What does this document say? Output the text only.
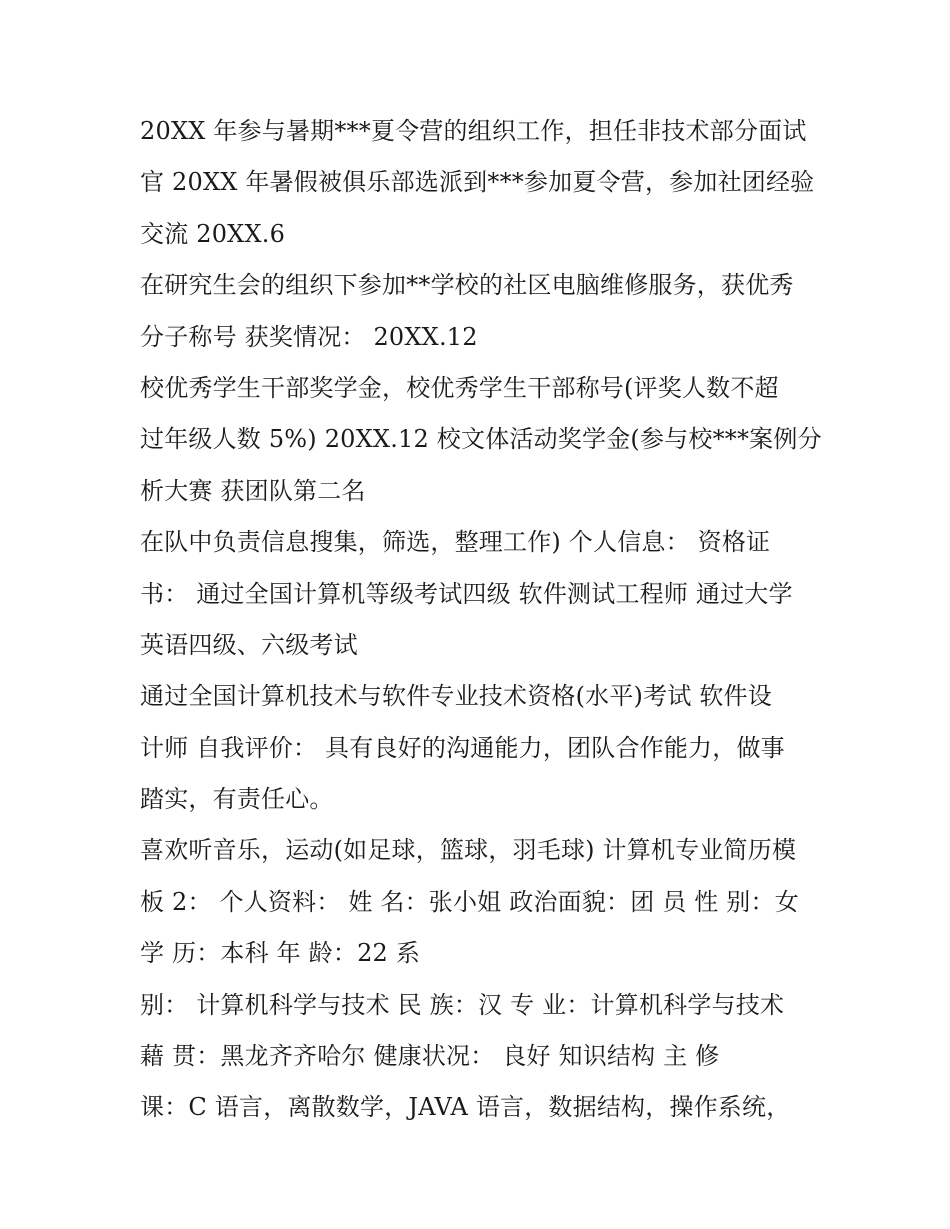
20XX 年参与暑期***夏令营的组织工作，担任非技术部分面试
官 20XX 年暑假被俱乐部选派到***参加夏令营，参加社团经验
交流 20XX.6
在研究生会的组织下参加**学校的社区电脑维修服务，获优秀
分子称号 获奖情况： 20XX.12
校优秀学生干部奖学金，校优秀学生干部称号(评奖人数不超
过年级人数 5%) 20XX.12 校文体活动奖学金(参与校***案例分
析大赛 获团队第二名
在队中负责信息搜集，筛选，整理工作) 个人信息： 资格证
书： 通过全国计算机等级考试四级 软件测试工程师 通过大学
英语四级、六级考试
通过全国计算机技术与软件专业技术资格(水平)考试 软件设
计师 自我评价： 具有良好的沟通能力，团队合作能力，做事
踏实，有责任心。
喜欢听音乐，运动(如足球，篮球，羽毛球) 计算机专业简历模
板 2： 个人资料： 姓 名：张小姐 政治面貌：团 员 性 别：女
学 历：本科 年 龄：22 系
别： 计算机科学与技术 民 族：汉 专 业：计算机科学与技术
藉 贯：黑龙齐齐哈尔 健康状况： 良好 知识结构 主 修
课：C 语言，离散数学，JAVA 语言，数据结构，操作系统，
